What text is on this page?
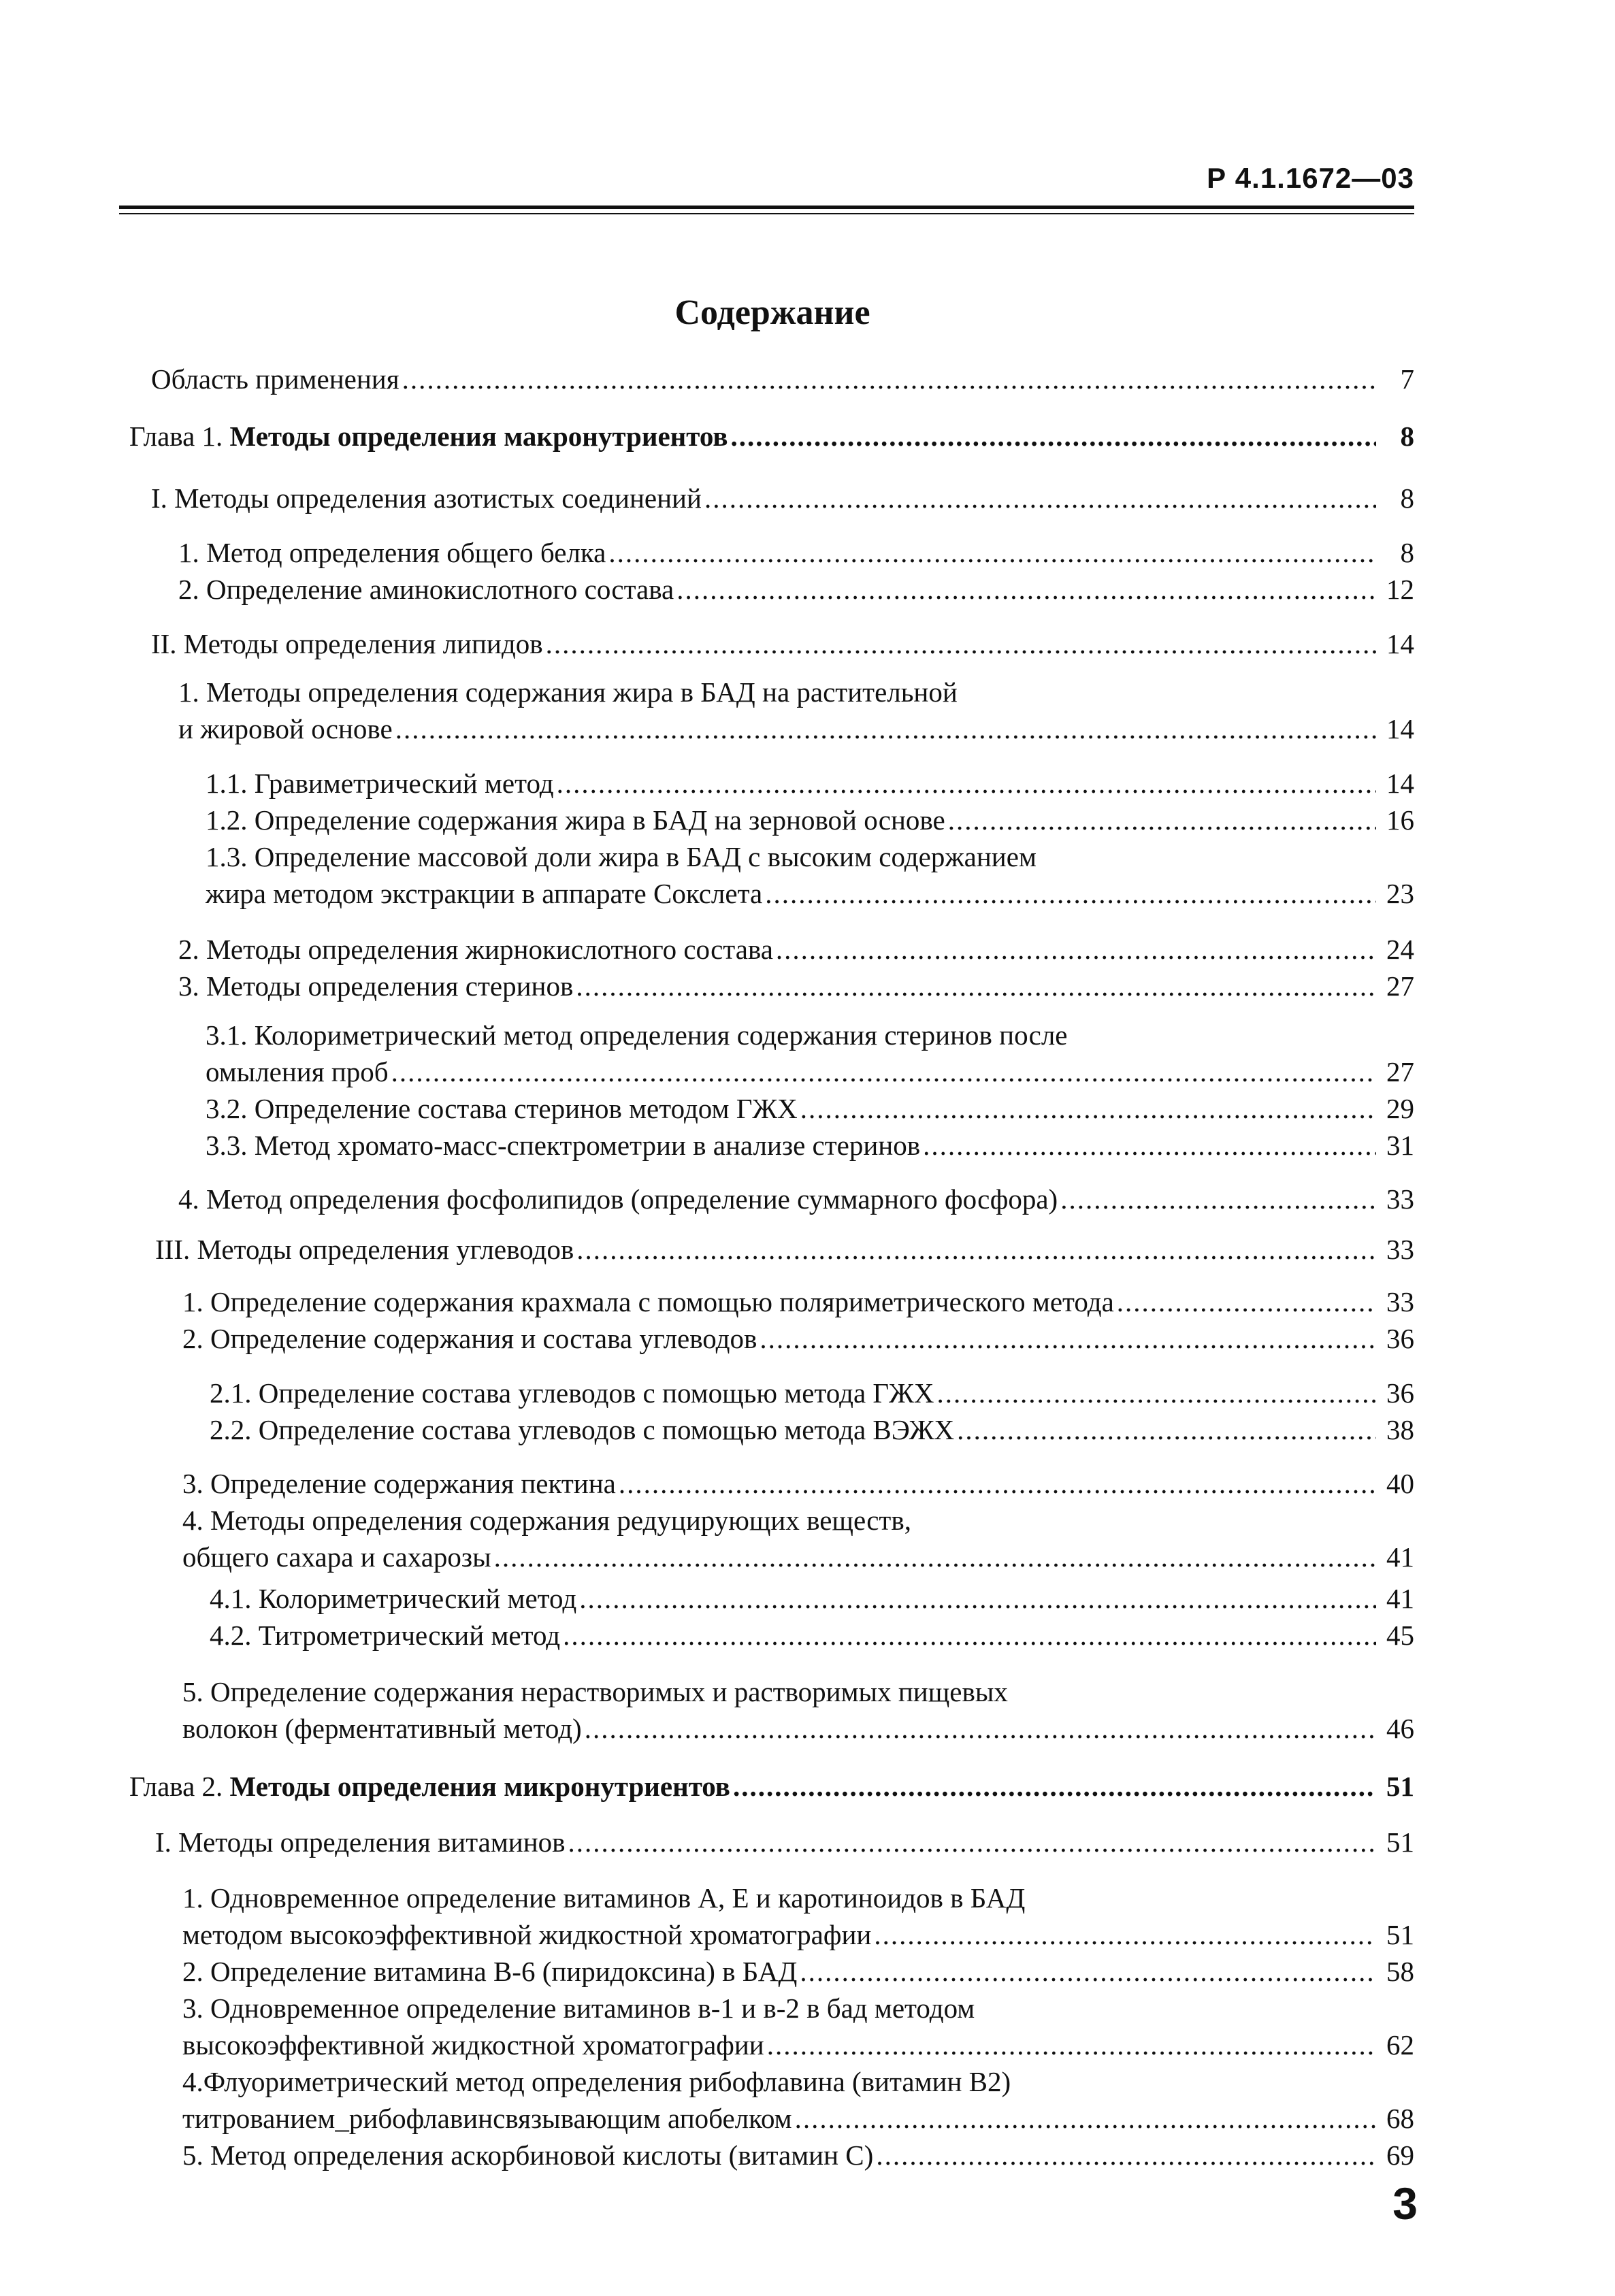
Р 4.1.1672—03
Содержание
Область применения .....	7
Глава 1. Методы определения макронутриентов .....	8
I. Методы определения азотистых соединений .....	8
1. Метод определения общего белка .....	8
2. Определение аминокислотного состава .....	12
II. Методы определения липидов .....	14
1. Методы определения содержания жира в БАД на растительной
и жировой основе .....	14
1.1. Гравиметрический метод .....	14
1.2. Определение содержания жира в БАД на зерновой основе .....	16
1.3. Определение массовой доли жира в БАД с высоким содержанием
жира методом экстракции в аппарате Сокслета .....	23
2. Методы определения жирнокислотного состава .....	24
3. Методы определения стеринов .....	27
3.1. Колориметрический метод определения содержания стеринов после
омыления проб .....	27
3.2. Определение состава стеринов методом ГЖХ .....	29
3.3. Метод хромато-масс-спектрометрии в анализе стеринов .....	31
4. Метод определения фосфолипидов (определение суммарного фосфора) .....	33
III. Методы определения углеводов .....	33
1. Определение содержания крахмала с помощью поляриметрического метода .....	33
2. Определение содержания и состава углеводов .....	36
2.1. Определение состава углеводов с помощью метода ГЖХ .....	36
2.2. Определение состава углеводов с помощью метода ВЭЖХ .....	38
3. Определение содержания пектина .....	40
4. Методы определения содержания редуцирующих веществ,
общего сахара и сахарозы .....	41
4.1. Колориметрический метод .....	41
4.2. Титрометрический метод .....	45
5. Определение содержания нерастворимых и растворимых пищевых
волокон (ферментативный метод) .....	46
Глава 2. Методы определения микронутриентов .....	51
I. Методы определения витаминов .....	51
1. Одновременное определение витаминов А, Е и каротиноидов в БАД
методом высокоэффективной жидкостной хроматографии .....	51
2. Определение витамина В-6 (пиридоксина) в БАД .....	58
3. Одновременное определение витаминов в-1 и в-2 в бад методом
высокоэффективной жидкостной хроматографии .....	62
4.Флуориметрический метод определения рибофлавина (витамин В2)
титрованием_рибофлавинсвязывающим апобелком .....	68
5. Метод определения аскорбиновой кислоты (витамин С) .....	69
3
